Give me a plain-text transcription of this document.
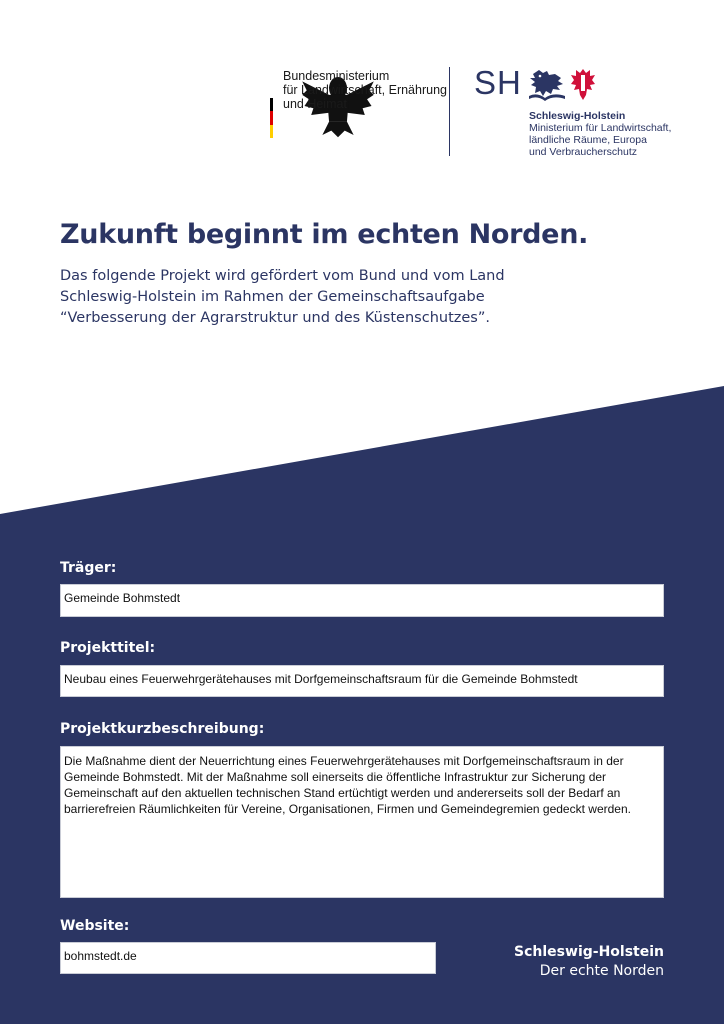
Bundesministerium
für Landwirtschaft, Ernährung
und Heimat
SH
Schleswig-Holstein
Ministerium für Landwirtschaft,
ländliche Räume, Europa
und Verbraucherschutz
Zukunft beginnt im echten Norden.
Das folgende Projekt wird gefördert vom Bund und vom Land
Schleswig-Holstein im Rahmen der Gemeinschaftsaufgabe
“Verbesserung der Agrarstruktur und des Küstenschutzes”.
Träger:
Gemeinde Bohmstedt
Projekttitel:
Neubau eines Feuerwehrgerätehauses mit Dorfgemeinschaftsraum für die Gemeinde Bohmstedt
Projektkurzbeschreibung:
Die Maßnahme dient der Neuerrichtung eines Feuerwehrgerätehauses mit Dorfgemeinschaftsraum in der
Gemeinde Bohmstedt. Mit der Maßnahme soll einerseits die öffentliche Infrastruktur zur Sicherung der
Gemeinschaft auf den aktuellen technischen Stand ertüchtigt werden und andererseits soll der Bedarf an
barrierefreien Räumlichkeiten für Vereine, Organisationen, Firmen und Gemeindegremien gedeckt werden.
Website:
bohmstedt.de	Schleswig-Holstein
Der echte Norden
